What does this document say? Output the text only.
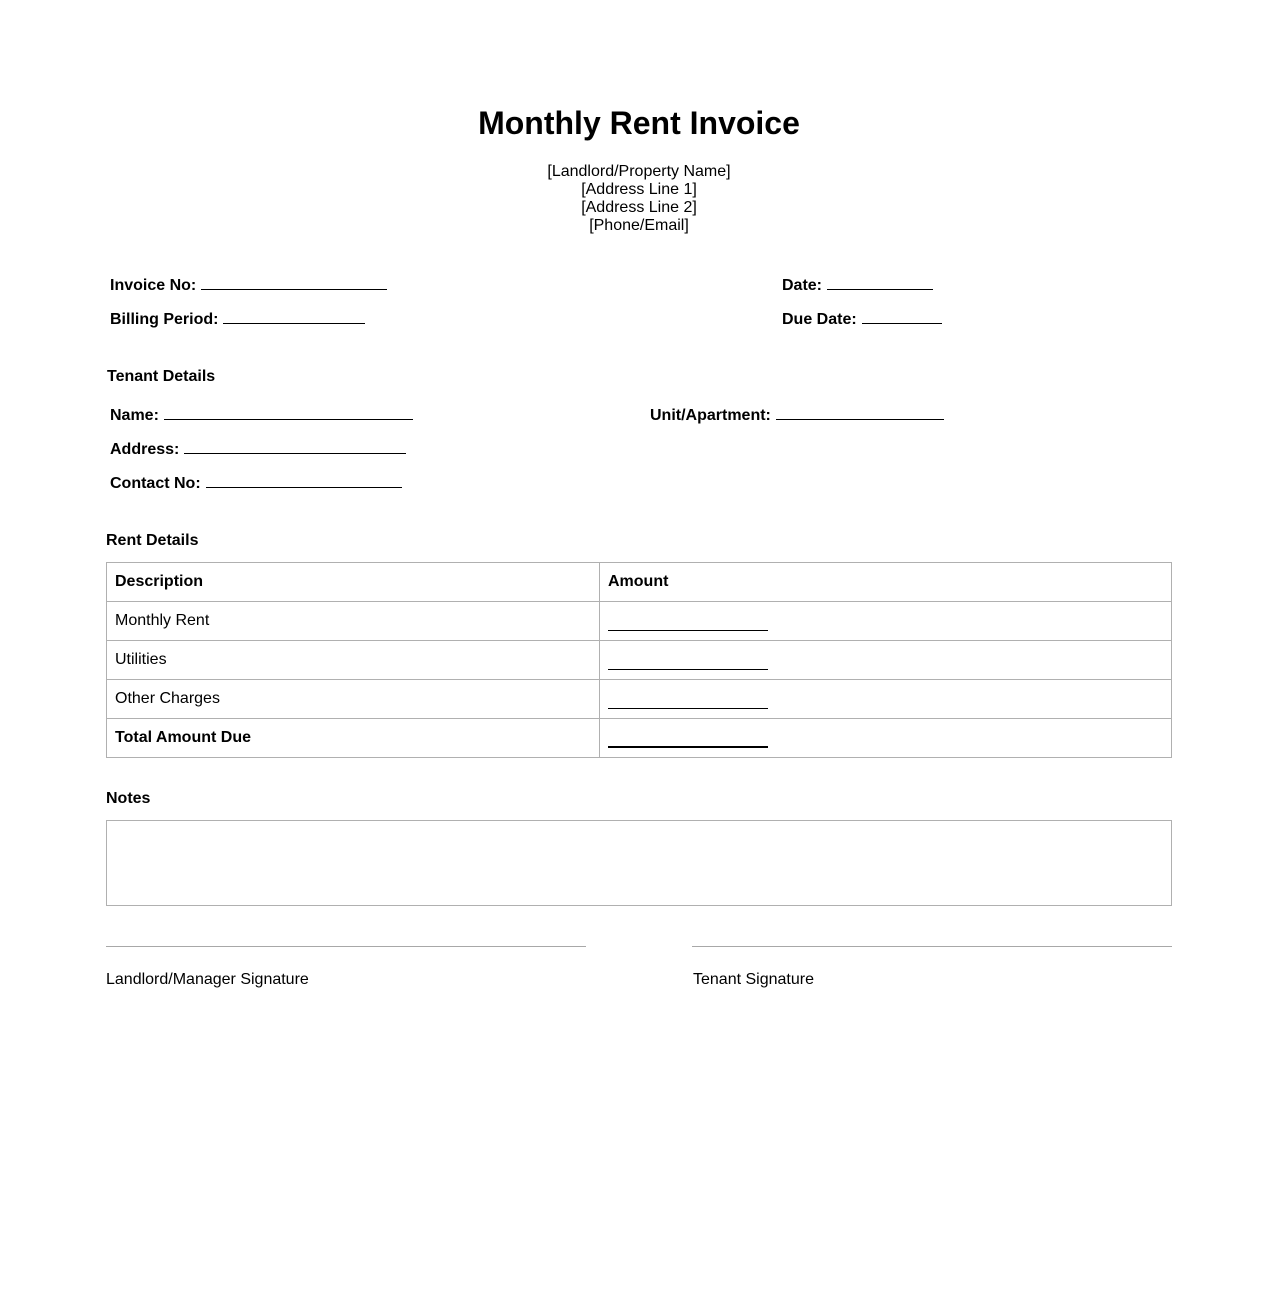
Monthly Rent Invoice
[Landlord/Property Name]
[Address Line 1]
[Address Line 2]
[Phone/Email]
Invoice No:
Billing Period:
Date:
Due Date:
Tenant Details
Name:
Address:
Contact No:
Unit/Apartment:
Rent Details
Description	Amount
Monthly Rent	
Utilities	
Other Charges	
Total Amount Due	
Notes
Landlord/Manager Signature	Tenant Signature
